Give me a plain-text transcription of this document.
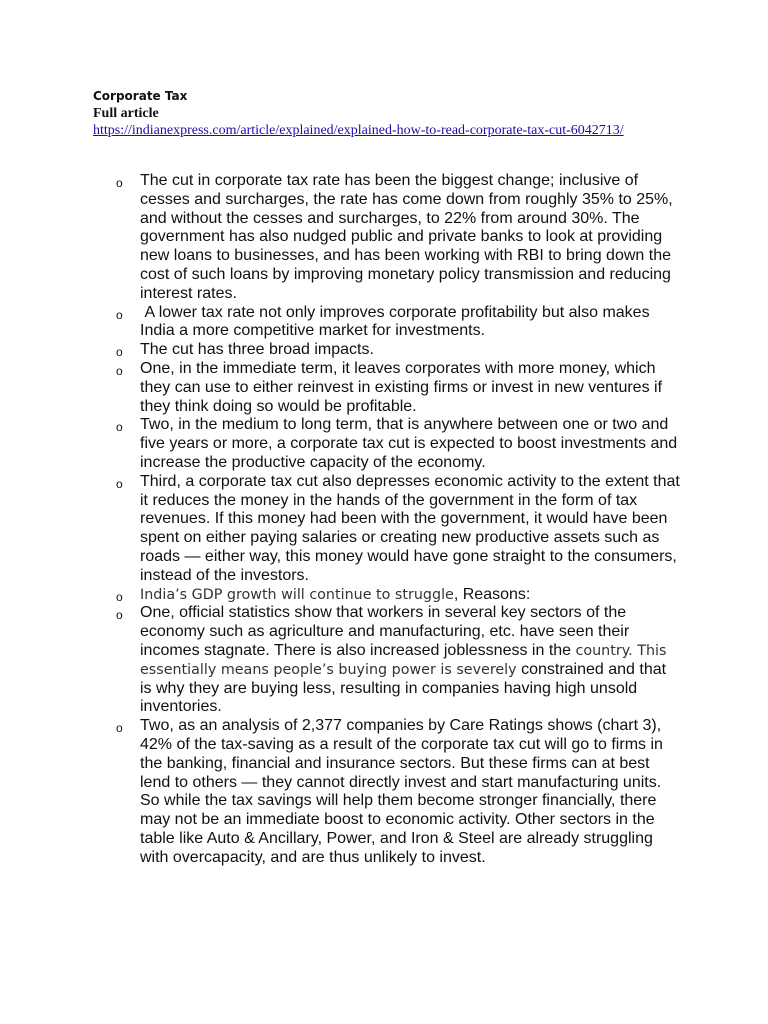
Corporate Tax
Full article
https://indianexpress.com/article/explained/explained-how-to-read-corporate-tax-cut-6042713/
o The cut in corporate tax rate has been the biggest change; inclusive of cesses and surcharges, the rate has come down from roughly 35% to 25%, and without the cesses and surcharges, to 22% from around 30%. The government has also nudged public and private banks to look at providing new loans to businesses, and has been working with RBI to bring down the cost of such loans by improving monetary policy transmission and reducing interest rates.
o A lower tax rate not only improves corporate profitability but also makes India a more competitive market for investments.
o The cut has three broad impacts.
o One, in the immediate term, it leaves corporates with more money, which they can use to either reinvest in existing firms or invest in new ventures if they think doing so would be profitable.
o Two, in the medium to long term, that is anywhere between one or two and five years or more, a corporate tax cut is expected to boost investments and increase the productive capacity of the economy.
o Third, a corporate tax cut also depresses economic activity to the extent that it reduces the money in the hands of the government in the form of tax revenues. If this money had been with the government, it would have been spent on either paying salaries or creating new productive assets such as roads — either way, this money would have gone straight to the consumers, instead of the investors.
o India’s GDP growth will continue to struggle, Reasons:
o One, official statistics show that workers in several key sectors of the economy such as agriculture and manufacturing, etc. have seen their incomes stagnate. There is also increased joblessness in the country. This essentially means people’s buying power is severely constrained and that is why they are buying less, resulting in companies having high unsold inventories.
o Two, as an analysis of 2,377 companies by Care Ratings shows (chart 3), 42% of the tax-saving as a result of the corporate tax cut will go to firms in the banking, financial and insurance sectors. But these firms can at best lend to others — they cannot directly invest and start manufacturing units. So while the tax savings will help them become stronger financially, there may not be an immediate boost to economic activity. Other sectors in the table like Auto & Ancillary, Power, and Iron & Steel are already struggling with overcapacity, and are thus unlikely to invest.
